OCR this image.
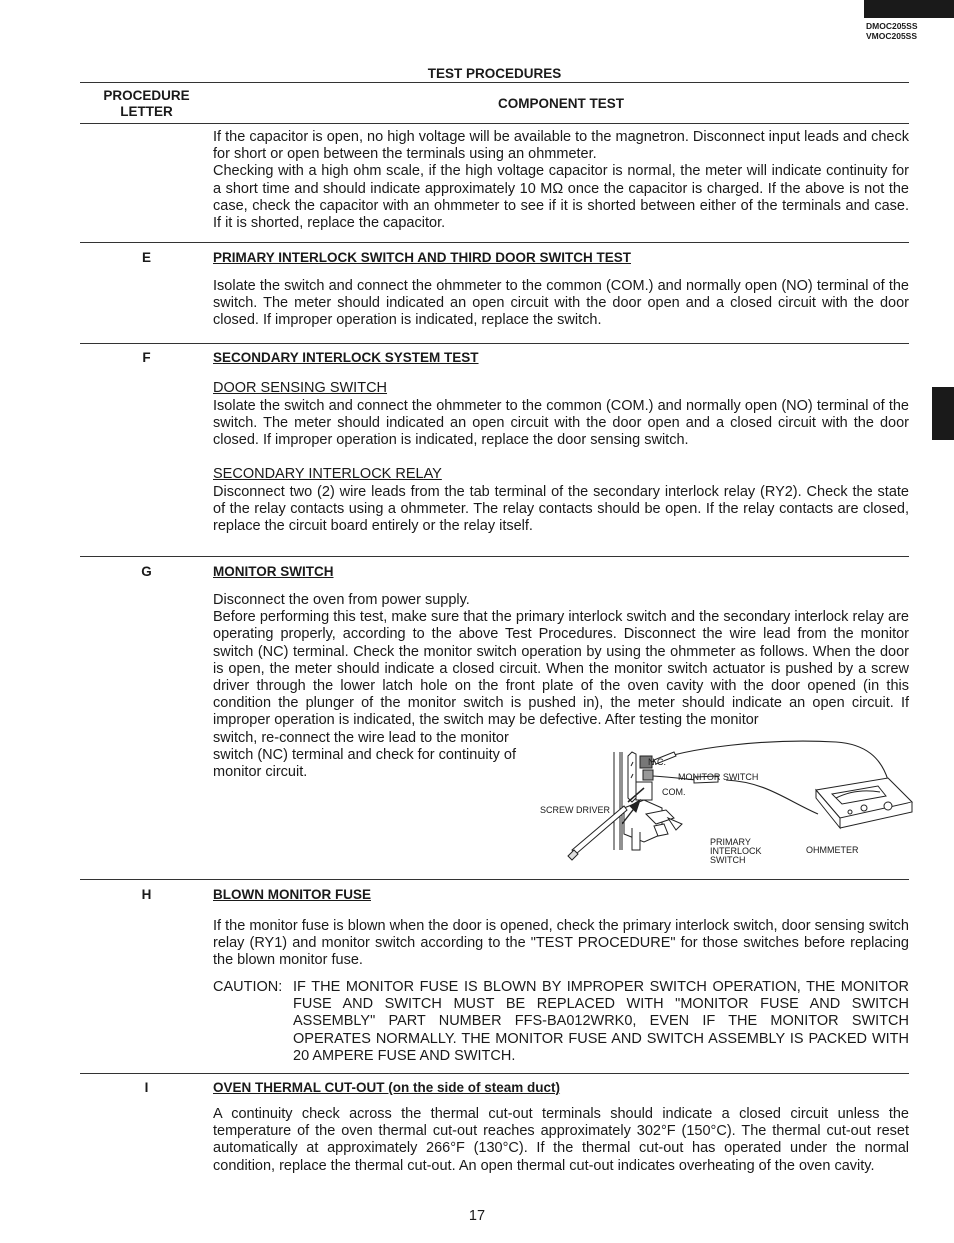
DMOC205SS
VMOC205SS
TEST PROCEDURES
PROCEDURE
LETTER
COMPONENT TEST

If the capacitor is open, no high voltage will be available to the magnetron. Disconnect input leads and check for short or open between the terminals using an ohmmeter.

Checking with a high ohm scale, if the high voltage capacitor is normal, the meter will indicate continuity for a short time and should indicate approximately 10 MΩ once the capacitor is charged. If the above is not the case, check the capacitor with an ohmmeter to see if it is shorted between either of the terminals and case. If it is shorted, replace the capacitor.

E	PRIMARY INTERLOCK SWITCH AND THIRD DOOR SWITCH TEST
Isolate the switch and connect the ohmmeter to the common (COM.) and normally open (NO) terminal of the switch. The meter should indicated an open circuit with the door open and a closed circuit with the door closed. If improper operation is indicated, replace the switch.
F	SECONDARY INTERLOCK SYSTEM TEST
DOOR SENSING SWITCH
Isolate the switch and connect the ohmmeter to the common (COM.) and normally open (NO) terminal of the switch. The meter should indicated an open circuit with the door open and a closed circuit with the door closed. If improper operation is indicated, replace the door sensing switch.
SECONDARY INTERLOCK RELAY
Disconnect two (2) wire leads from the tab terminal of the secondary interlock relay (RY2). Check the state of the relay contacts using a ohmmeter. The relay contacts should be open. If the relay contacts are closed, replace the circuit board entirely or the relay itself.
G	MONITOR SWITCH

Disconnect the oven from power supply.

Before performing this test, make sure that the primary interlock switch and the secondary interlock relay are operating properly, according to the above Test Procedures. Disconnect the wire lead from the monitor switch (NC) terminal. Check the monitor switch operation by using the ohmmeter as follows. When the door is open, the meter should indicate a closed circuit. When the monitor switch actuator is pushed by a screw driver through the lower latch hole on the front plate of the oven cavity with the door opened (in this condition the plunger of the monitor switch is pushed in), the meter should indicate an open circuit. If improper operation is indicated, the switch may be defective. After testing the monitor

switch, re-connect the wire lead to the monitor switch (NC) terminal and check for continuity of monitor circuit.
N.C.
MONITOR SWITCH
COM.
SCREW DRIVER
PRIMARY
INTERLOCK
SWITCH
OHMMETER
H	BLOWN MONITOR FUSE
If the monitor fuse is blown when the door is opened, check the primary interlock switch, door sensing switch relay (RY1) and monitor switch according to the "TEST PROCEDURE" for those switches before replacing the blown monitor fuse.
CAUTION: IF THE MONITOR FUSE IS BLOWN BY IMPROPER SWITCH OPERATION, THE MONITOR FUSE AND SWITCH MUST BE REPLACED WITH "MONITOR FUSE AND SWITCH ASSEMBLY" PART NUMBER FFS-BA012WRK0, EVEN IF THE MONITOR SWITCH OPERATES NORMALLY. THE MONITOR FUSE AND SWITCH ASSEMBLY IS PACKED WITH 20 AMPERE FUSE AND SWITCH.
I	OVEN THERMAL CUT-OUT (on the side of steam duct)
A continuity check across the thermal cut-out terminals should indicate a closed circuit unless the temperature of the oven thermal cut-out reaches approximately 302°F (150°C). The thermal cut-out reset automatically at approximately 266°F (130°C). If the thermal cut-out has operated under the normal condition, replace the thermal cut-out. An open thermal cut-out indicates overheating of the oven cavity.
17
